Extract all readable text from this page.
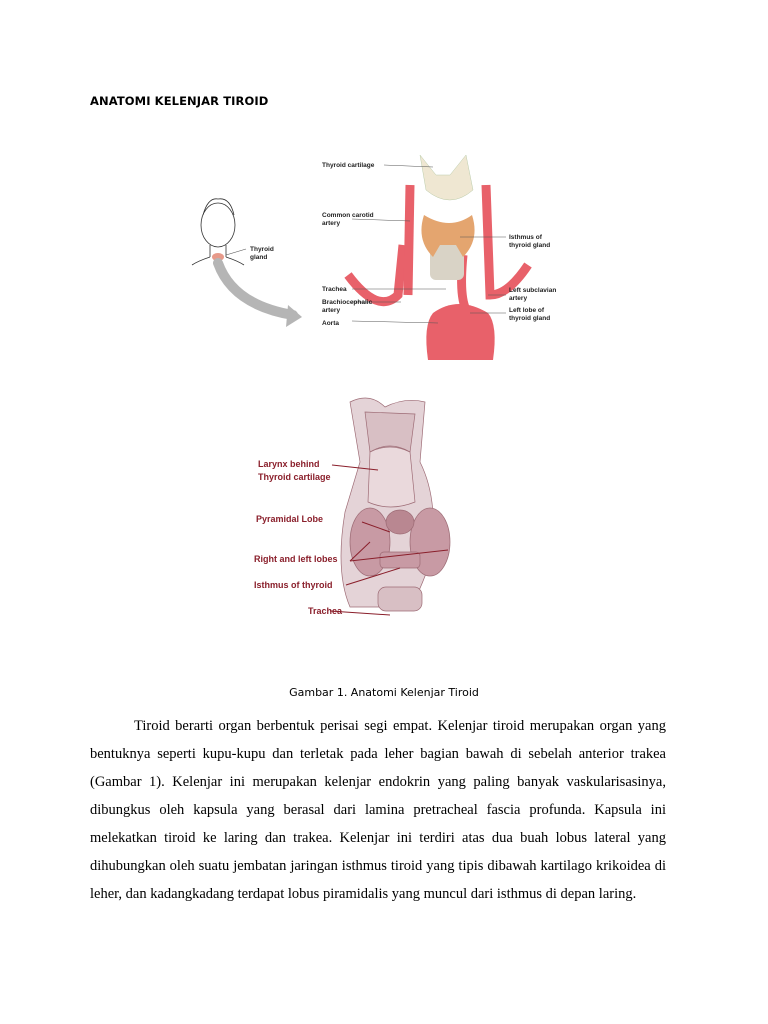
ANATOMI KELENJAR TIROID
Thyroid
gland
Thyroid cartilage
Common carotid
artery
Trachea
Brachiocephalic
artery
Aorta
Isthmus of
thyroid gland
Left subclavian
artery
Left lobe of
thyroid gland
Larynx behind
Thyroid cartilage
Pyramidal Lobe
Right and left lobes
Isthmus of thyroid
Trachea
Gambar 1. Anatomi Kelenjar Tiroid

Tiroid berarti organ berbentuk perisai segi empat. Kelenjar tiroid merupakan organ yang bentuknya seperti kupu-kupu dan terletak pada leher bagian bawah di sebelah anterior trakea (Gambar 1). Kelenjar ini merupakan kelenjar endokrin yang paling banyak vaskularisasinya, dibungkus oleh kapsula yang berasal dari lamina pretracheal fascia profunda. Kapsula ini melekatkan tiroid ke laring dan trakea. Kelenjar ini terdiri atas dua buah lobus lateral yang dihubungkan oleh suatu jembatan jaringan isthmus tiroid yang tipis dibawah kartilago krikoidea di leher, dan kadangkadang terdapat lobus piramidalis yang muncul dari isthmus di depan laring.
